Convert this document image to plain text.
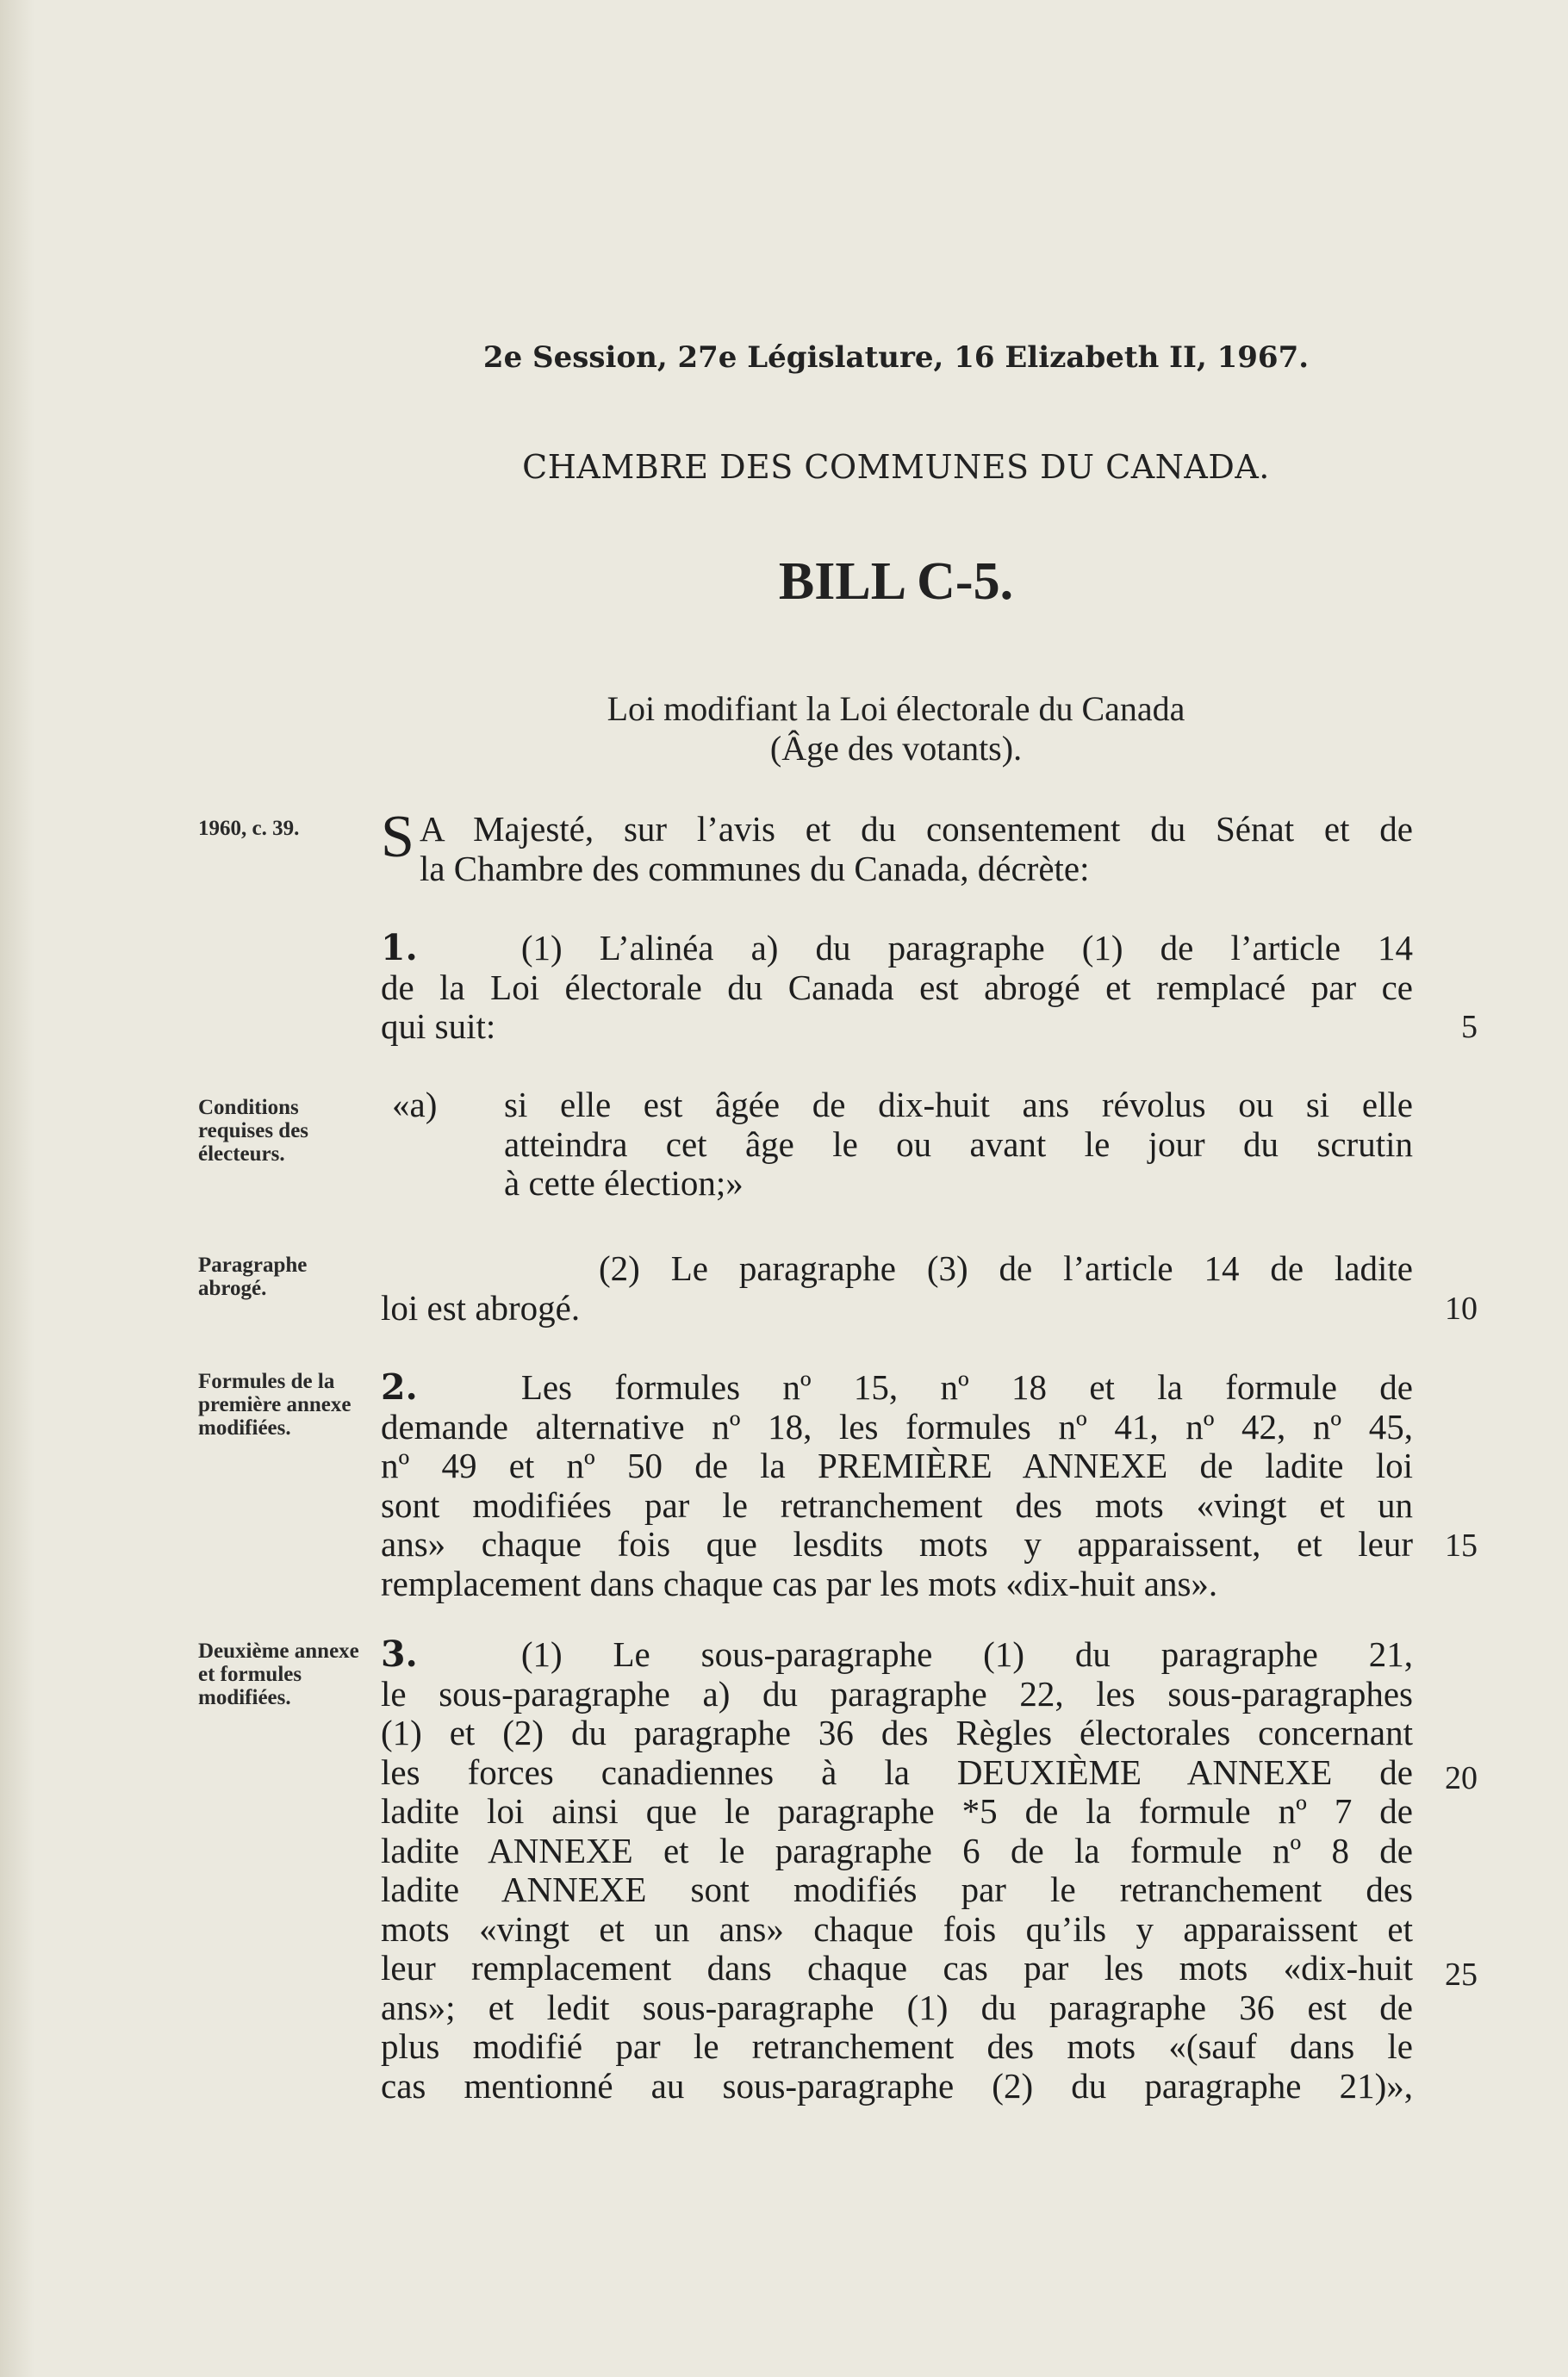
2e Session, 27e Législature, 16 Elizabeth II, 1967.
CHAMBRE DES COMMUNES DU CANADA.
BILL C-5.
Loi modifiant la Loi électorale du Canada
(Âge des votants).
1960, c. 39.
Conditions requises des électeurs.
Paragraphe abrogé.
Formules de la première annexe modifiées.
Deuxième annexe et formules modifiées.
S A Majesté, sur l’avis et du consentement du Sénat et de
la Chambre des communes du Canada, décrète:
1.	(1) L’alinéa a) du paragraphe (1) de l’article 14
de la Loi électorale du Canada est abrogé et remplacé par ce
qui suit:	5
«a) si elle est âgée de dix-huit ans révolus ou si elle
atteindra cet âge le ou avant le jour du scrutin
à cette élection;»
(2) Le paragraphe (3) de l’article 14 de ladite
loi est abrogé.	10
2.	Les formules nº 15, nº 18 et la formule de
demande alternative nº 18, les formules nº 41, nº 42, nº 45,
nº 49 et nº 50 de la PREMIÈRE ANNEXE de ladite loi
sont modifiées par le retranchement des mots «vingt et un
ans» chaque fois que lesdits mots y apparaissent, et leur
remplacement dans chaque cas par les mots «dix-huit ans».
15
3.	(1) Le sous-paragraphe (1) du paragraphe 21,
le sous-paragraphe a) du paragraphe 22, les sous-paragraphes
(1) et (2) du paragraphe 36 des Règles électorales concernant
les forces canadiennes à la DEUXIÈME ANNEXE de
ladite loi ainsi que le paragraphe *5 de la formule nº 7 de
ladite ANNEXE et le paragraphe 6 de la formule nº 8 de
ladite ANNEXE sont modifiés par le retranchement des
mots «vingt et un ans» chaque fois qu’ils y apparaissent et
leur remplacement dans chaque cas par les mots «dix-huit
ans»; et ledit sous-paragraphe (1) du paragraphe 36 est de
plus modifié par le retranchement des mots «(sauf dans le
cas mentionné au sous-paragraphe (2) du paragraphe 21)»,
20
25
